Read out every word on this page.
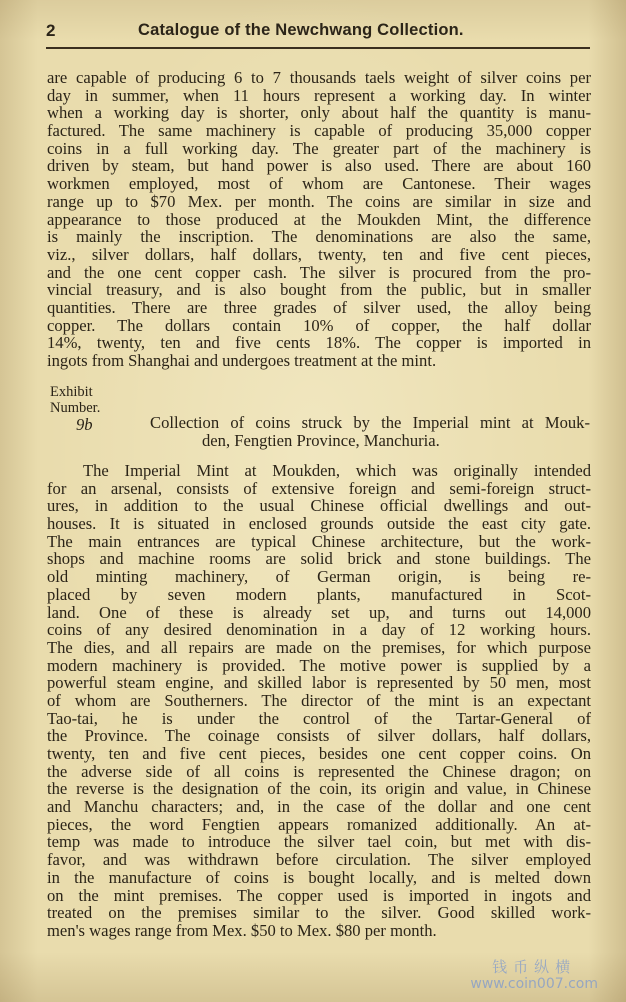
2	Catalogue of the Newchwang Collection.
are capable of producing 6 to 7 thousands taels weight of silver coins per
day in summer, when 11 hours represent a working day. In winter
when a working day is shorter, only about half the quantity is manu-
factured. The same machinery is capable of producing 35,000 copper
coins in a full working day. The greater part of the machinery is
driven by steam, but hand power is also used. There are about 160
workmen employed, most of whom are Cantonese. Their wages
range up to $70 Mex. per month. The coins are similar in size and
appearance to those produced at the Moukden Mint, the difference
is mainly the inscription. The denominations are also the same,
viz., silver dollars, half dollars, twenty, ten and five cent pieces,
and the one cent copper cash. The silver is procured from the pro-
vincial treasury, and is also bought from the public, but in smaller
quantities. There are three grades of silver used, the alloy being
copper. The dollars contain 10% of copper, the half dollar
14%, twenty, ten and five cents 18%. The copper is imported in
ingots from Shanghai and undergoes treatment at the mint.
Exhibit
Number.
9b	Collection of coins struck by the Imperial mint at Mouk-
den, Fengtien Province, Manchuria.
The Imperial Mint at Moukden, which was originally intended
for an arsenal, consists of extensive foreign and semi-foreign struct-
ures, in addition to the usual Chinese official dwellings and out-
houses. It is situated in enclosed grounds outside the east city gate.
The main entrances are typical Chinese architecture, but the work-
shops and machine rooms are solid brick and stone buildings. The
old minting machinery, of German origin, is being re-
placed by seven modern plants, manufactured in Scot-
land. One of these is already set up, and turns out 14,000
coins of any desired denomination in a day of 12 working hours.
The dies, and all repairs are made on the premises, for which purpose
modern machinery is provided. The motive power is supplied by a
powerful steam engine, and skilled labor is represented by 50 men, most
of whom are Southerners. The director of the mint is an expectant
Tao-tai, he is under the control of the Tartar-General of
the Province. The coinage consists of silver dollars, half dollars,
twenty, ten and five cent pieces, besides one cent copper coins. On
the adverse side of all coins is represented the Chinese dragon; on
the reverse is the designation of the coin, its origin and value, in Chinese
and Manchu characters; and, in the case of the dollar and one cent
pieces, the word Fengtien appears romanized additionally. An at-
temp was made to introduce the silver tael coin, but met with dis-
favor, and was withdrawn before circulation. The silver employed
in the manufacture of coins is bought locally, and is melted down
on the mint premises. The copper used is imported in ingots and
treated on the premises similar to the silver. Good skilled work-
men's wages range from Mex. $50 to Mex. $80 per month.
钱币纵横
www.coin007.com
